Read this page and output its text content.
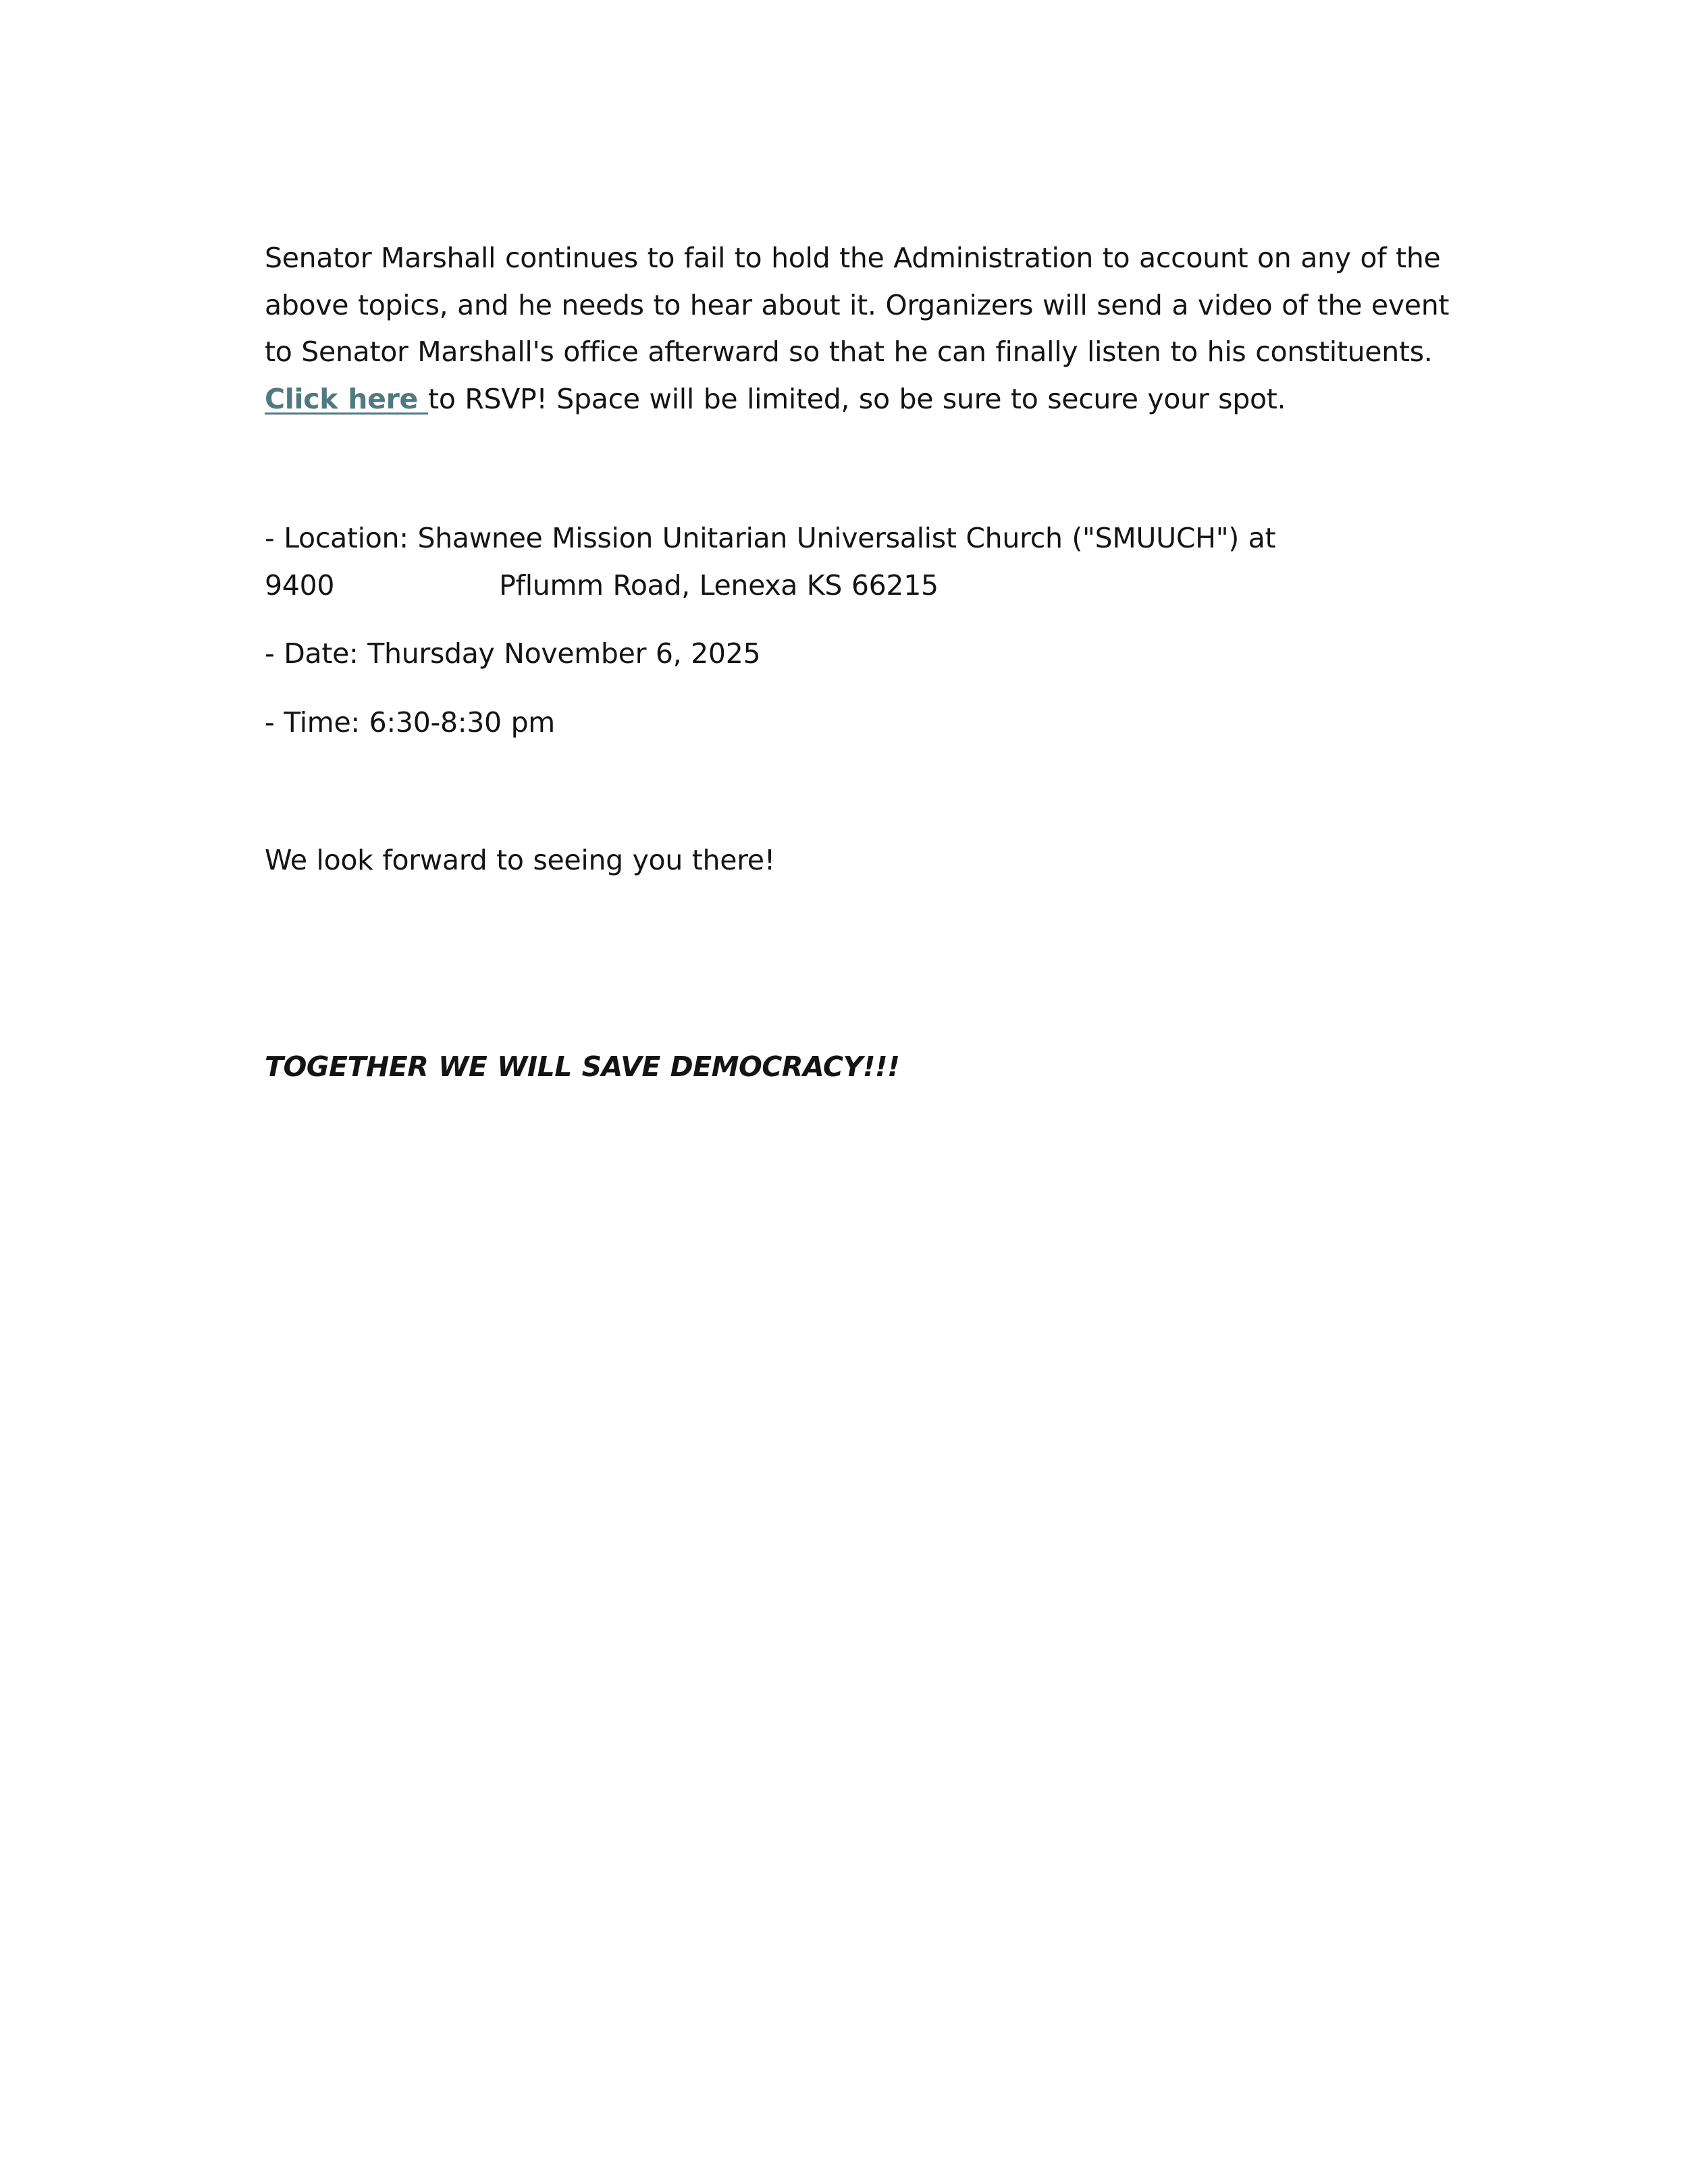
Senator Marshall continues to fail to hold the Administration to account on any of the above topics, and he needs to hear about it. Organizers will send a video of the event to Senator Marshall's office afterward so that he can finally listen to his constituents.Click here to RSVP! Space will be limited, so be sure to secure your spot.

- Location: Shawnee Mission Unitarian Universalist Church ("SMUUCH") at
9400	Pflumm Road, Lenexa KS 66215

- Date: Thursday November 6, 2025

- Time: 6:30-8:30 pm

We look forward to seeing you there!

TOGETHER WE WILL SAVE DEMOCRACY!!!
